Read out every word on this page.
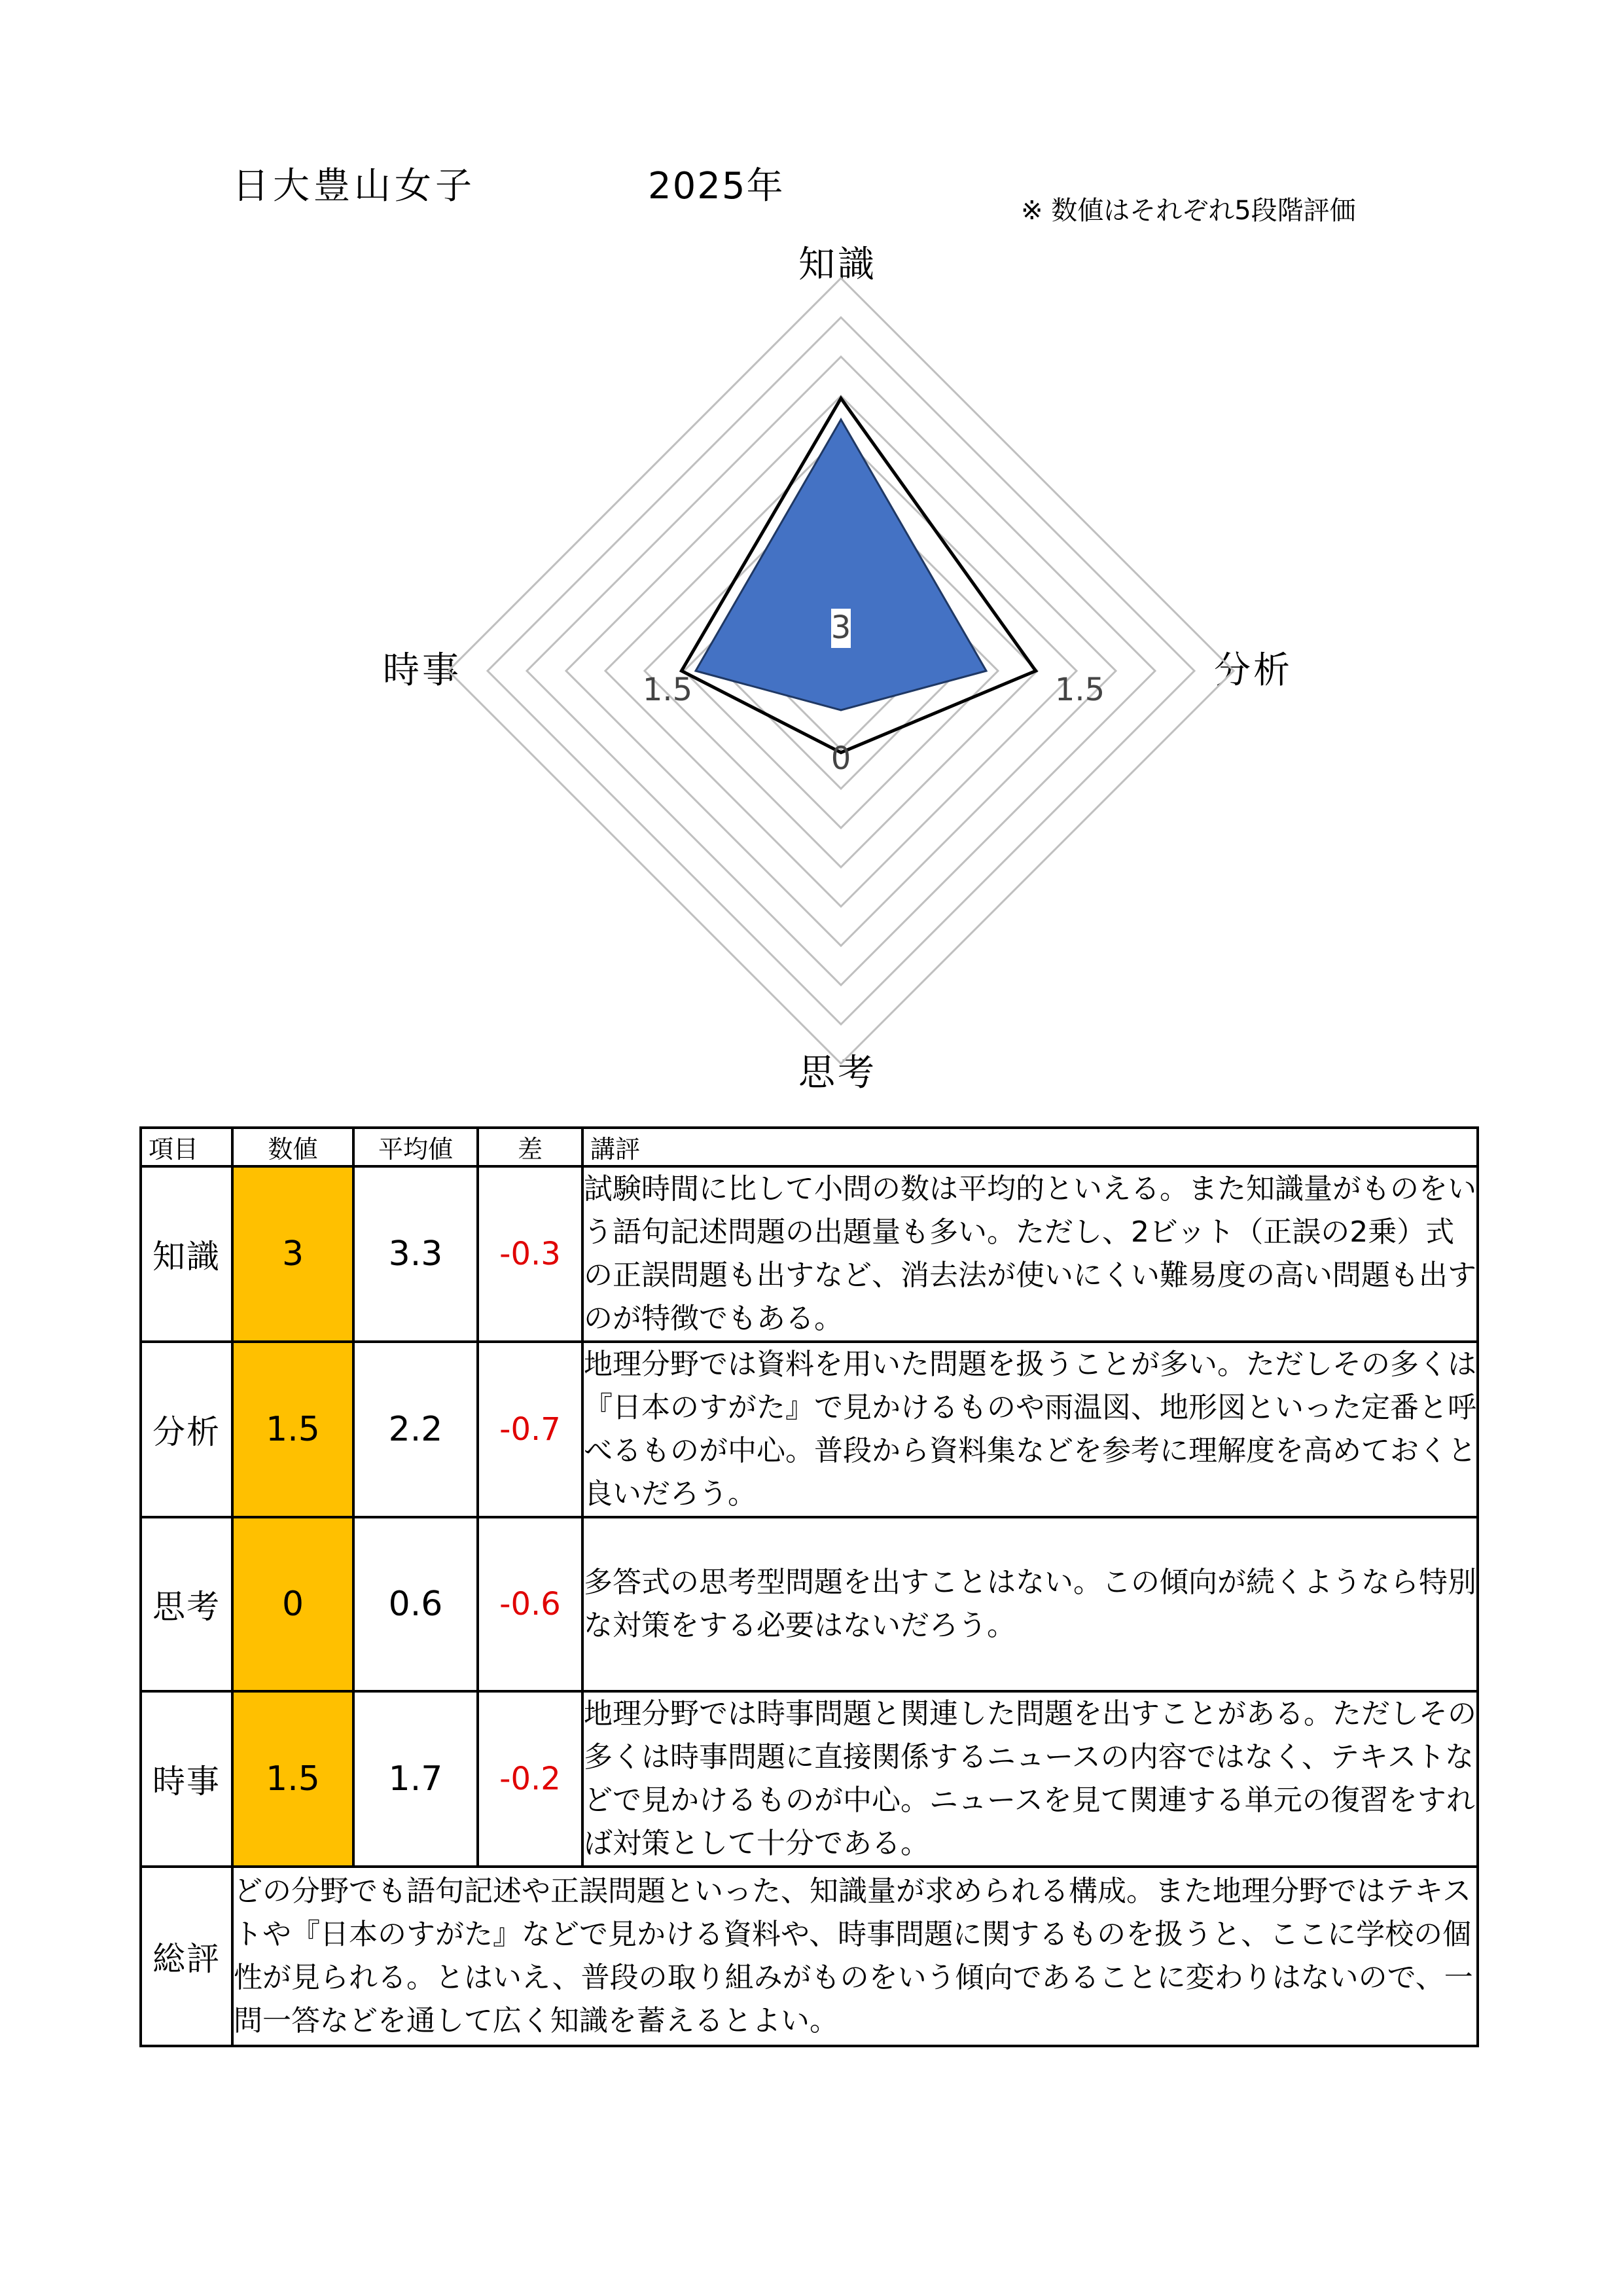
日大豊山女子	2025年
※ 数値はそれぞれ5段階評価
知識
分析
思考
時事
3
1.5	1.5
0
項目	数値	平均値	差	講評
知識	3	3.3	-0.3	試験時間に比して小問の数は平均的といえる。また知識量がものをいう語句記述問題の出題量も多い。ただし、2ビット（正誤の2乗）式の正誤問題も出すなど、消去法が使いにくい難易度の高い問題も出すのが特徴でもある。
分析	1.5	2.2	-0.7	地理分野では資料を用いた問題を扱うことが多い。ただしその多くは『日本のすがた』で見かけるものや雨温図、地形図といった定番と呼べるものが中心。普段から資料集などを参考に理解度を高めておくと良いだろう。
思考	0	0.6	-0.6	多答式の思考型問題を出すことはない。この傾向が続くようなら特別な対策をする必要はないだろう。
時事	1.5	1.7	-0.2	地理分野では時事問題と関連した問題を出すことがある。ただしその多くは時事問題に直接関係するニュースの内容ではなく、テキストなどで見かけるものが中心。ニュースを見て関連する単元の復習をすれば対策として十分である。
総評	どの分野でも語句記述や正誤問題といった、知識量が求められる構成。また地理分野ではテキストや『日本のすがた』などで見かける資料や、時事問題に関するものを扱うと、ここに学校の個性が見られる。とはいえ、普段の取り組みがものをいう傾向であることに変わりはないので、一問一答などを通して広く知識を蓄えるとよい。			
